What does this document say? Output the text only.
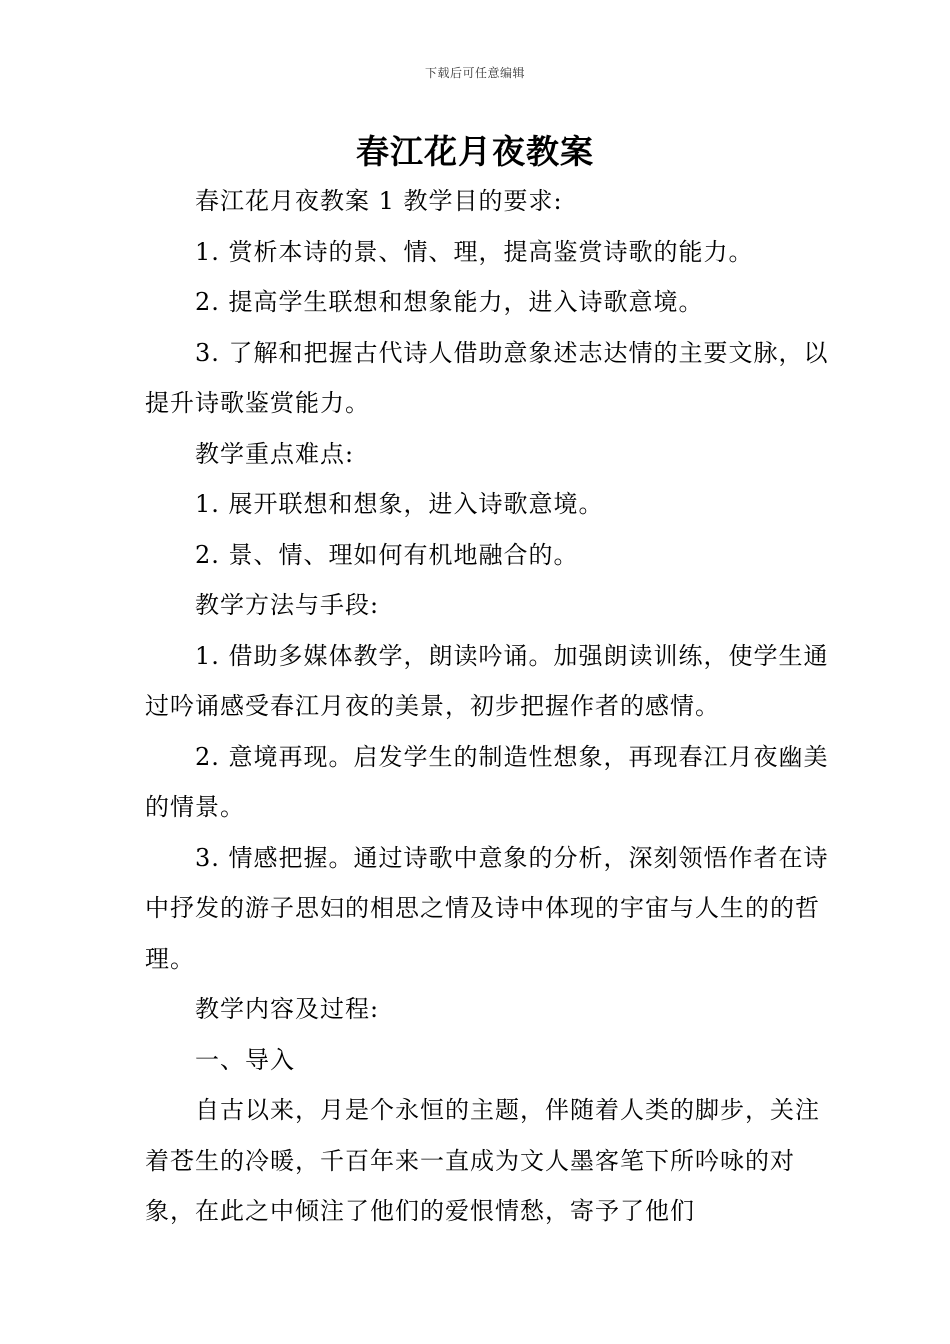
下载后可任意编辑
春江花月夜教案

春江花月夜教案 1 教学目的要求:

1. 赏析本诗的景、情、理，提高鉴赏诗歌的能力。

2. 提高学生联想和想象能力，进入诗歌意境。

3. 了解和把握古代诗人借助意象述志达情的主要文脉，以提升诗歌鉴赏能力。

教学重点难点:

1. 展开联想和想象，进入诗歌意境。

2. 景、情、理如何有机地融合的。

教学方法与手段:

1. 借助多媒体教学，朗读吟诵。加强朗读训练，使学生通过吟诵感受春江月夜的美景，初步把握作者的感情。

2. 意境再现。启发学生的制造性想象，再现春江月夜幽美的情景。

3. 情感把握。通过诗歌中意象的分析，深刻领悟作者在诗中抒发的游子思妇的相思之情及诗中体现的宇宙与人生的的哲理。

教学内容及过程:

一、导入

自古以来，月是个永恒的主题，伴随着人类的脚步，关注着苍生的冷暖，千百年来一直成为文人墨客笔下所吟咏的对象，在此之中倾注了他们的爱恨情愁，寄予了他们
